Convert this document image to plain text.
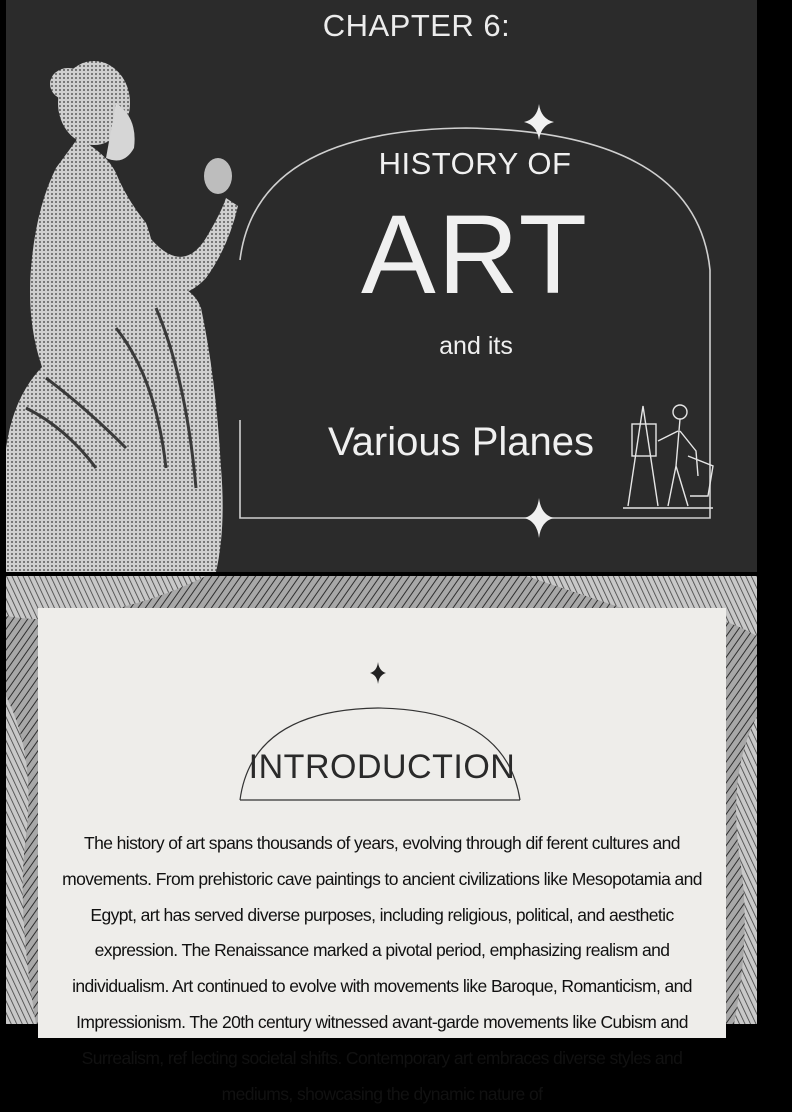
CHAPTER 6:
HISTORY OF
ART
and its
Various Planes
INTRODUCTION
The history of art spans thousands of years, evolving through dif ferent cultures and movements. From prehistoric cave paintings to ancient civilizations like Mesopotamia and Egypt, art has served diverse purposes, including religious, political, and aesthetic expression. The Renaissance marked a pivotal period, emphasizing realism and individualism. Art continued to evolve with movements like Baroque, Romanticism, and Impressionism. The 20th century witnessed avant-garde movements like Cubism and Surrealism, ref lecting societal shifts. Contemporary art embraces diverse styles and mediums, showcasing the dynamic nature of
